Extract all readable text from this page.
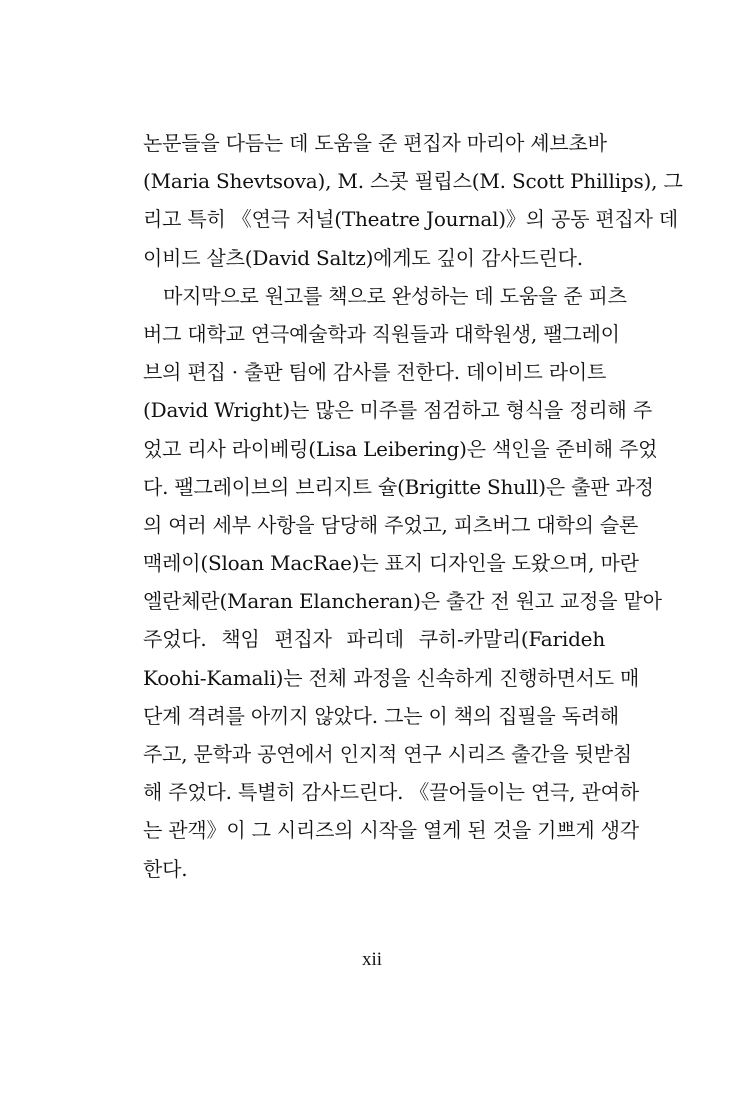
논문들을 다듬는 데 도움을 준 편집자 마리아 셰브초바
(Maria Shevtsova), M. 스콧 필립스(M. Scott Phillips), 그
리고 특히 《연극 저널(Theatre Journal)》의 공동 편집자 데
이비드 살츠(David Saltz)에게도 깊이 감사드린다.
마지막으로 원고를 책으로 완성하는 데 도움을 준 피츠
버그 대학교 연극예술학과 직원들과 대학원생, 팰그레이
브의 편집 · 출판 팀에 감사를 전한다. 데이비드 라이트
(David Wright)는 많은 미주를 점검하고 형식을 정리해 주
었고 리사 라이베링(Lisa Leibering)은 색인을 준비해 주었
다. 팰그레이브의 브리지트 슐(Brigitte Shull)은 출판 과정
의 여러 세부 사항을 담당해 주었고, 피츠버그 대학의 슬론
맥레이(Sloan MacRae)는 표지 디자인을 도왔으며, 마란
엘란체란(Maran Elancheran)은 출간 전 원고 교정을 맡아
주었다. 책임 편집자 파리데 쿠히-카말리(Farideh
Koohi-Kamali)는 전체 과정을 신속하게 진행하면서도 매
단계 격려를 아끼지 않았다. 그는 이 책의 집필을 독려해
주고, 문학과 공연에서 인지적 연구 시리즈 출간을 뒷받침
해 주었다. 특별히 감사드린다. 《끌어들이는 연극, 관여하
는 관객》이 그 시리즈의 시작을 열게 된 것을 기쁘게 생각
한다.
xii
